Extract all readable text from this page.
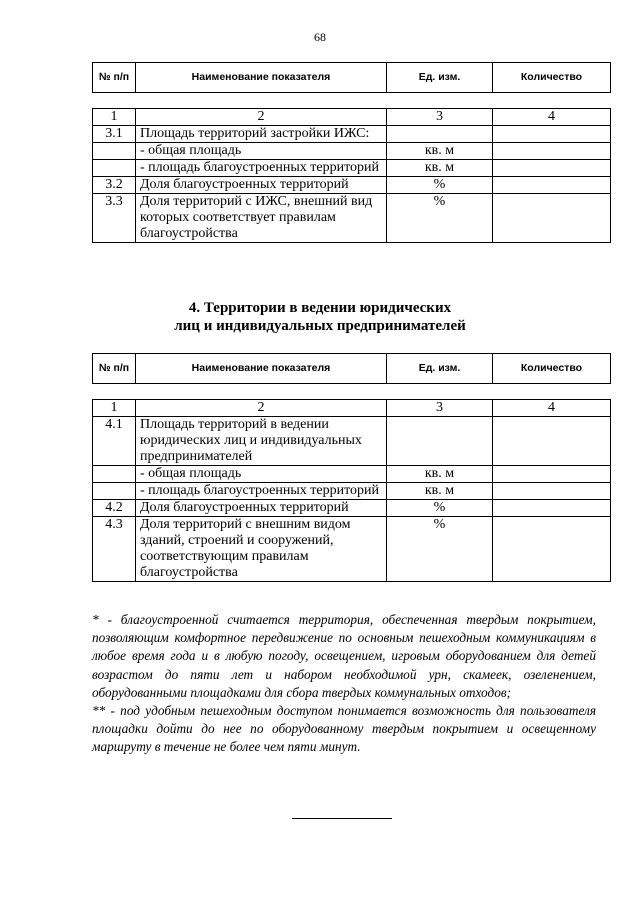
68
№ п/п	Наименование показателя	Ед. изм.	Количество
1	2	3	4
3.1	Площадь территорий застройки ИЖС:		
	- общая площадь	кв. м	
	- площадь благоустроенных территорий	кв. м	
3.2	Доля благоустроенных территорий	%	
3.3	Доля территорий с ИЖС, внешний вид которых соответствует правилам благоустройства	%	
4. Территории в ведении юридических
лиц и индивидуальных предпринимателей
№ п/п	Наименование показателя	Ед. изм.	Количество
1	2	3	4
4.1	Площадь территорий в ведении юридических лиц и индивидуальных предпринимателей		
	- общая площадь	кв. м	
	- площадь благоустроенных территорий	кв. м	
4.2	Доля благоустроенных территорий	%	
4.3	Доля территорий с внешним видом зданий, строений и сооружений, соответствующим правилам благоустройства	%	

* - благоустроенной считается территория, обеспеченная твердым покрытием, позволяющим комфортное передвижение по основным пешеходным коммуникациям в любое время года и в любую погоду, освещением, игровым оборудованием для детей возрастом до пяти лет и набором необходимой урн, скамеек, озеленением, оборудованными площадками для сбора твердых коммунальных отходов;

** - под удобным пешеходным доступом понимается возможность для пользователя площадки дойти до нее по оборудованному твердым покрытием и освещенному маршруту в течение не более чем пяти минут.
